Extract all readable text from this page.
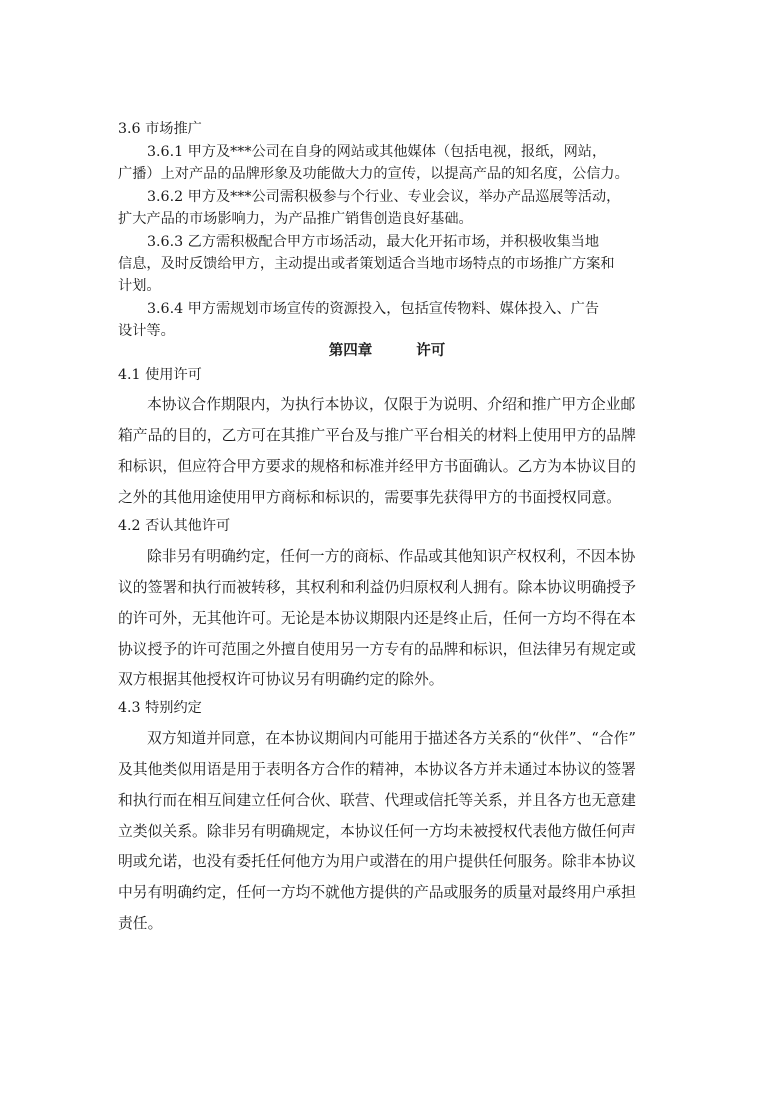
3.6 市场推广
3.6.1 甲方及***公司在自身的网站或其他媒体（包括电视，报纸，网站，
广播）上对产品的品牌形象及功能做大力的宣传，以提高产品的知名度，公信力。
3.6.2 甲方及***公司需积极参与个行业、专业会议，举办产品巡展等活动，
扩大产品的市场影响力，为产品推广销售创造良好基础。
3.6.3 乙方需积极配合甲方市场活动，最大化开拓市场，并积极收集当地
信息，及时反馈给甲方，主动提出或者策划适合当地市场特点的市场推广方案和
计划。
3.6.4 甲方需规划市场宣传的资源投入，包括宣传物料、媒体投入、广告
设计等。
第四章	许可
4.1 使用许可
本协议合作期限内，为执行本协议，仅限于为说明、介绍和推广甲方企业邮
箱产品的目的，乙方可在其推广平台及与推广平台相关的材料上使用甲方的品牌
和标识，但应符合甲方要求的规格和标准并经甲方书面确认。乙方为本协议目的
之外的其他用途使用甲方商标和标识的，需要事先获得甲方的书面授权同意。
4.2 否认其他许可
除非另有明确约定，任何一方的商标、作品或其他知识产权权利，不因本协
议的签署和执行而被转移，其权利和利益仍归原权利人拥有。除本协议明确授予
的许可外，无其他许可。无论是本协议期限内还是终止后，任何一方均不得在本
协议授予的许可范围之外擅自使用另一方专有的品牌和标识，但法律另有规定或
双方根据其他授权许可协议另有明确约定的除外。
4.3 特别约定
双方知道并同意，在本协议期间内可能用于描述各方关系的“伙伴”、“合作”
及其他类似用语是用于表明各方合作的精神，本协议各方并未通过本协议的签署
和执行而在相互间建立任何合伙、联营、代理或信托等关系，并且各方也无意建
立类似关系。除非另有明确规定，本协议任何一方均未被授权代表他方做任何声
明或允诺，也没有委托任何他方为用户或潜在的用户提供任何服务。除非本协议
中另有明确约定，任何一方均不就他方提供的产品或服务的质量对最终用户承担
责任。
